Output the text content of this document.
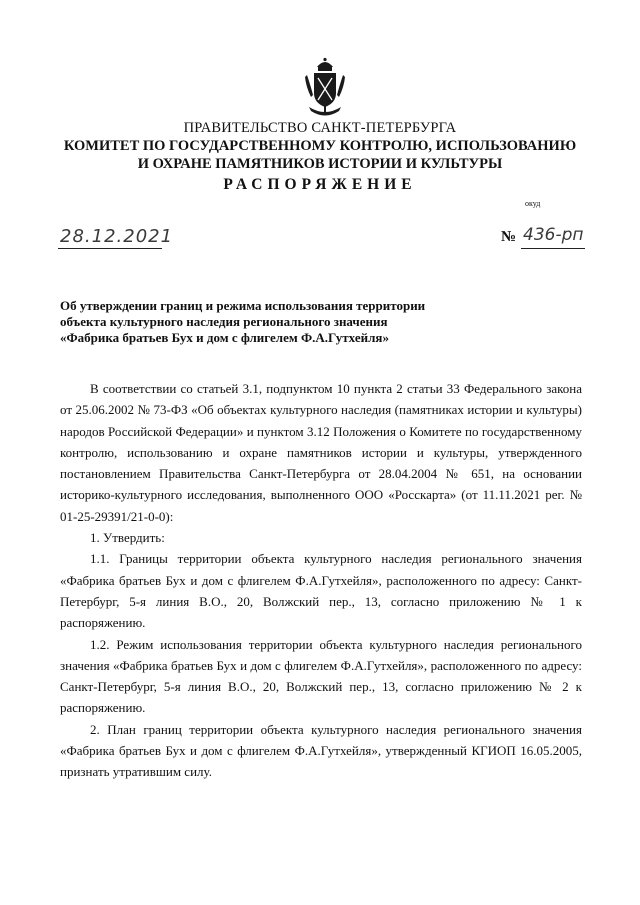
ПРАВИТЕЛЬСТВО САНКТ-ПЕТЕРБУРГА
КОМИТЕТ ПО ГОСУДАРСТВЕННОМУ КОНТРОЛЮ, ИСПОЛЬЗОВАНИЮ
И ОХРАНЕ ПАМЯТНИКОВ ИСТОРИИ И КУЛЬТУРЫ
РАСПОРЯЖЕНИЕ
окуд
28.12.2021	№ 436-рп
Об утверждении границ и режима использования территории
объекта культурного наследия регионального значения
«Фабрика братьев Бух и дом с флигелем Ф.А.Гутхейля»

В соответствии со статьей 3.1, подпунктом 10 пункта 2 статьи 33 Федерального закона от 25.06.2002 № 73-ФЗ «Об объектах культурного наследия (памятниках истории и культуры) народов Российской Федерации» и пунктом 3.12 Положения о Комитете по государственному контролю, использованию и охране памятников истории и культуры, утвержденного постановлением Правительства Санкт-Петербурга от 28.04.2004 № 651, на основании историко-культурного исследования, выполненного ООО «Росскарта» (от 11.11.2021 рег. № 01-25-29391/21-0-0):

1. Утвердить:

1.1. Границы территории объекта культурного наследия регионального значения «Фабрика братьев Бух и дом с флигелем Ф.А.Гутхейля», расположенного по адресу: Санкт-Петербург, 5-я линия В.О., 20, Волжский пер., 13, согласно приложению № 1 к распоряжению.

1.2. Режим использования территории объекта культурного наследия регионального значения «Фабрика братьев Бух и дом с флигелем Ф.А.Гутхейля», расположенного по адресу: Санкт-Петербург, 5-я линия В.О., 20, Волжский пер., 13, согласно приложению № 2 к распоряжению.

2. План границ территории объекта культурного наследия регионального значения «Фабрика братьев Бух и дом с флигелем Ф.А.Гутхейля», утвержденный КГИОП 16.05.2005, признать утратившим силу.
